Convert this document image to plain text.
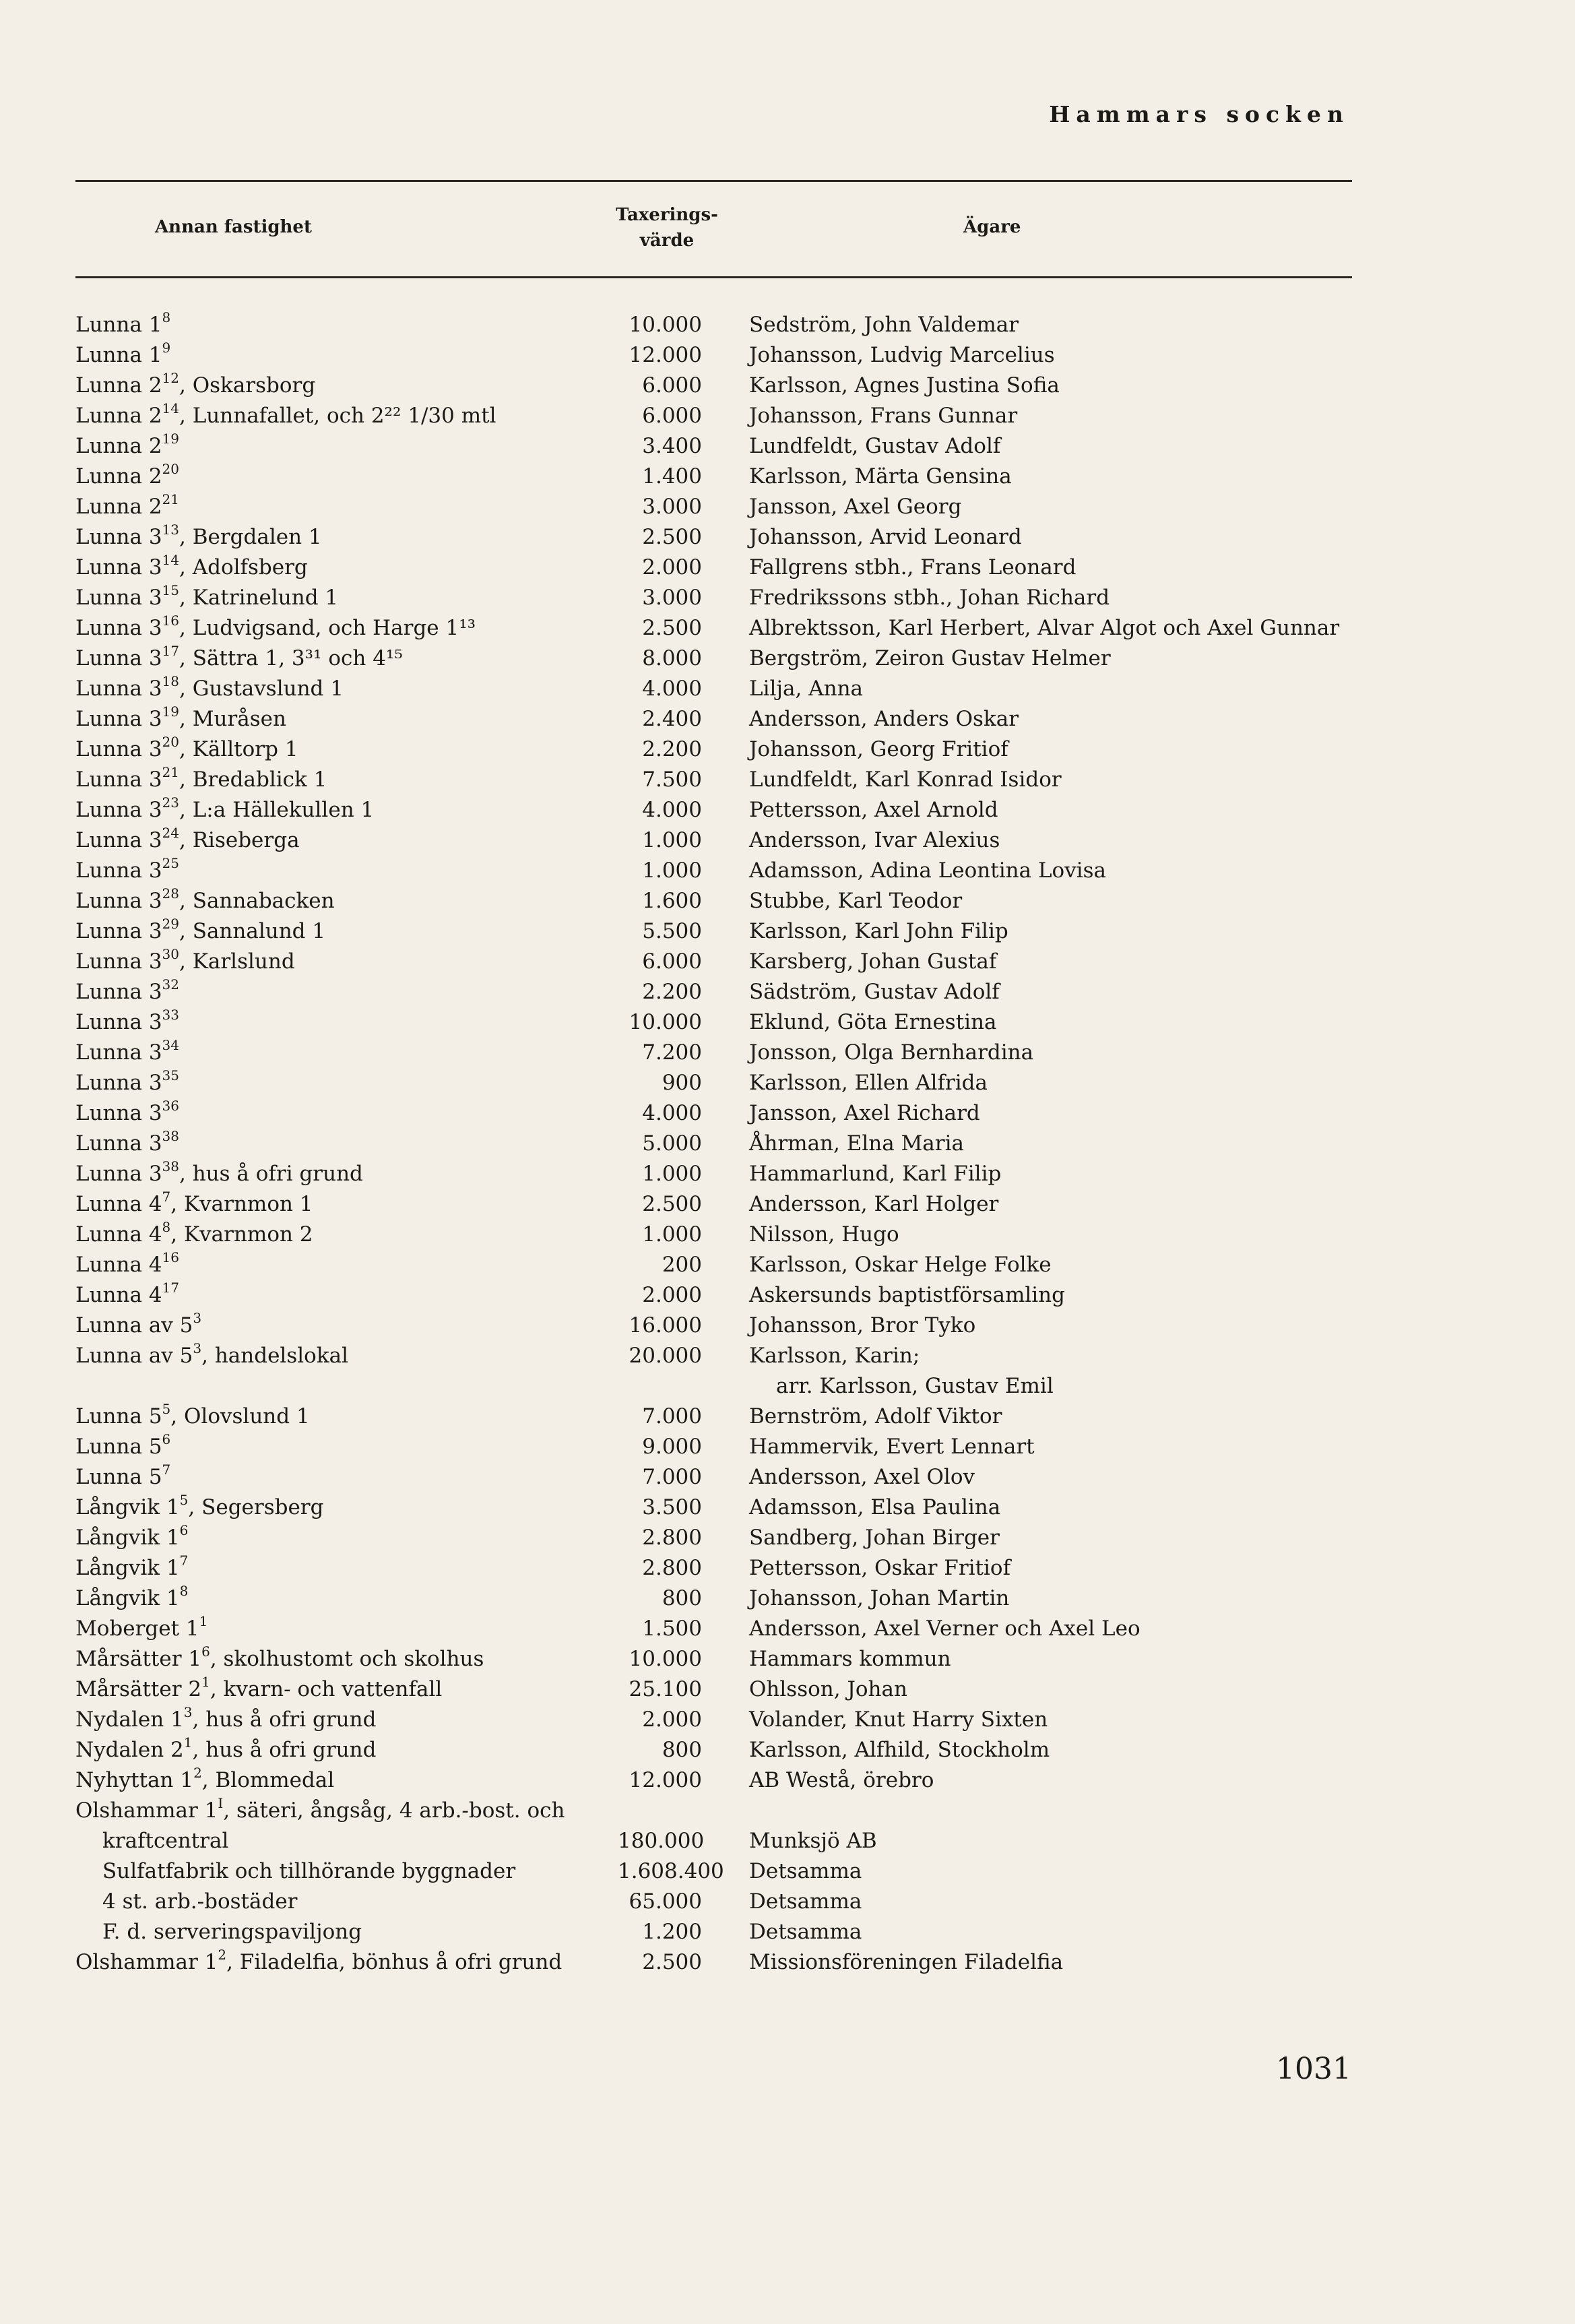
Hammars socken
Annan fastighet
Taxerings-
värde
Ägare
Lunna $1^8$	10.000 Sedström, John Valdemar
Lunna $1^9$	12.000 Johansson, Ludvig Marcelius
Lunna $2^{12}$, Oskarsborg	6.000 Karlsson, Agnes Justina Sofia
Lunna $2^{14}$, Lunnafallet, och 2²² 1/30 mtl	6.000 Johansson, Frans Gunnar
Lunna $2^{19}$	3.400 Lundfeldt, Gustav Adolf
Lunna $2^{20}$	1.400 Karlsson, Märta Gensina
Lunna $2^{21}$	3.000 Jansson, Axel Georg
Lunna $3^{13}$, Bergdalen 1	2.500 Johansson, Arvid Leonard
Lunna $3^{14}$, Adolfsberg	2.000 Fallgrens stbh., Frans Leonard
Lunna $3^{15}$, Katrinelund 1	3.000 Fredrikssons stbh., Johan Richard
Lunna $3^{16}$, Ludvigsand, och Harge 1¹³	2.500 Albrektsson, Karl Herbert, Alvar Algot och Axel Gunnar
Lunna $3^{17}$, Sättra 1, 3³¹ och 4¹⁵	8.000 Bergström, Zeiron Gustav Helmer
Lunna $3^{18}$, Gustavslund 1	4.000 Lilja, Anna
Lunna $3^{19}$, Muråsen	2.400 Andersson, Anders Oskar
Lunna $3^{20}$, Källtorp 1	2.200 Johansson, Georg Fritiof
Lunna $3^{21}$, Bredablick 1	7.500 Lundfeldt, Karl Konrad Isidor
Lunna $3^{23}$, L:a Hällekullen 1	4.000 Pettersson, Axel Arnold
Lunna $3^{24}$, Riseberga	1.000 Andersson, Ivar Alexius
Lunna $3^{25}$	1.000 Adamsson, Adina Leontina Lovisa
Lunna $3^{28}$, Sannabacken	1.600 Stubbe, Karl Teodor
Lunna $3^{29}$, Sannalund 1	5.500 Karlsson, Karl John Filip
Lunna $3^{30}$, Karlslund	6.000 Karsberg, Johan Gustaf
Lunna $3^{32}$	2.200 Sädström, Gustav Adolf
Lunna $3^{33}$	10.000 Eklund, Göta Ernestina
Lunna $3^{34}$	7.200 Jonsson, Olga Bernhardina
Lunna $3^{35}$	900 Karlsson, Ellen Alfrida
Lunna $3^{36}$	4.000 Jansson, Axel Richard
Lunna $3^{38}$	5.000 Åhrman, Elna Maria
Lunna $3^{38}$, hus å ofri grund	1.000 Hammarlund, Karl Filip
Lunna $4^7$, Kvarnmon 1	2.500 Andersson, Karl Holger
Lunna $4^8$, Kvarnmon 2	1.000 Nilsson, Hugo
Lunna $4^{16}$	200 Karlsson, Oskar Helge Folke
Lunna $4^{17}$	2.000 Askersunds baptistförsamling
Lunna av $5^3$	16.000 Johansson, Bror Tyko
Lunna av $5^3$, handelslokal	20.000 Karlsson, Karin;
arr. Karlsson, Gustav Emil
Lunna $5^5$, Olovslund 1	7.000 Bernström, Adolf Viktor
Lunna $5^6$	9.000 Hammervik, Evert Lennart
Lunna $5^7$	7.000 Andersson, Axel Olov
Långvik $1^5$, Segersberg	3.500 Adamsson, Elsa Paulina
Långvik $1^6$	2.800 Sandberg, Johan Birger
Långvik $1^7$	2.800 Pettersson, Oskar Fritiof
Långvik $1^8$	800 Johansson, Johan Martin
Moberget $1^1$	1.500 Andersson, Axel Verner och Axel Leo
Mårsätter $1^6$, skolhustomt och skolhus	10.000 Hammars kommun
Mårsätter $2^1$, kvarn- och vattenfall	25.100 Ohlsson, Johan
Nydalen $1^3$, hus å ofri grund	2.000 Volander, Knut Harry Sixten
Nydalen $2^1$, hus å ofri grund	800 Karlsson, Alfhild, Stockholm
Nyhyttan $1^2$, Blommedal	12.000 AB Westå, örebro
Olshammar $1^I$, säteri, ångsåg, 4 arb.-bost. och
kraftcentral	180.000 Munksjö AB
Sulfatfabrik och tillhörande byggnader	1.608.400 Detsamma
4 st. arb.-bostäder	65.000 Detsamma
F. d. serveringspaviljong	1.200 Detsamma
Olshammar $1^2$, Filadelfia, bönhus å ofri grund	2.500 Missionsföreningen Filadelfia
1031
